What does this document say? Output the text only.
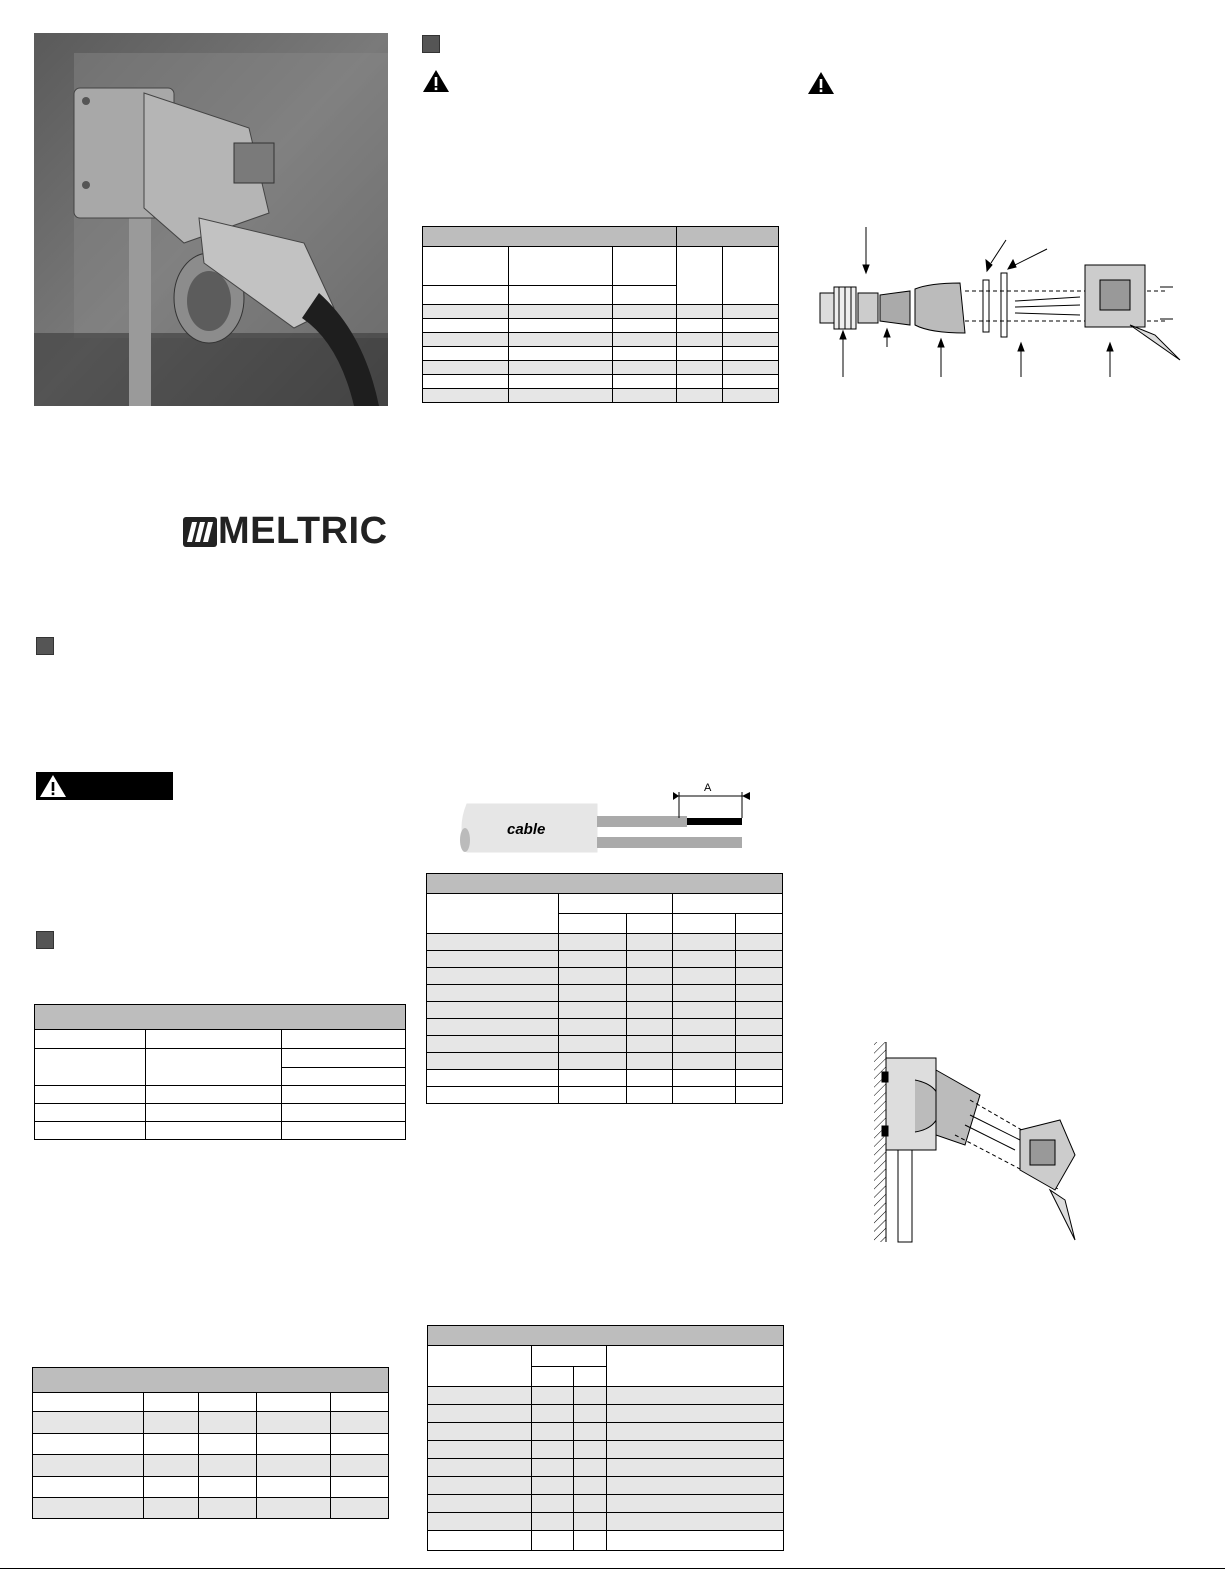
MELTRIC
cable
A
